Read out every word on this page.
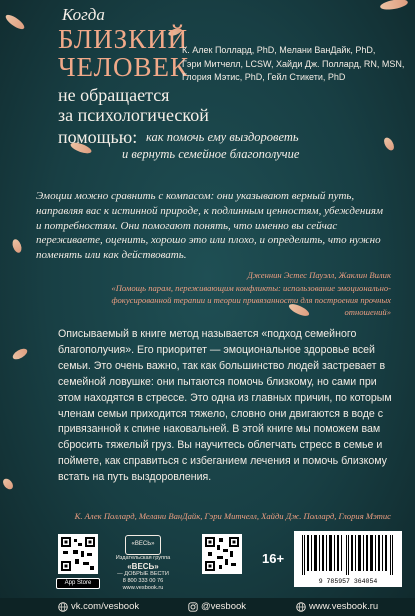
Когда
БЛИЗКИЙ
ЧЕЛОВЕК
не обращается
за психологической
помощью: как помочь ему выздороветь
и вернуть семейное благополучие
К. Алек Поллард, PhD, Мелани ВанДайк, PhD,
Гэри Митчелл, LCSW, Хайди Дж. Поллард, RN, MSN,
Глория Мэтис, PhD, Гейл Стикети, PhD
Эмоции можно сравнить с компасом: они указывают верный путь, направляя вас к истинной природе, к подлинным ценностям, убеждениям и потребностям. Они помогают понять, что именно вы сейчас переживаете, оценить, хорошо это или плохо, и определить, что нужно поменять или как действовать.
Дженнин Эстес Пауэлл, Жаклин Вилик
«Помощь парам, переживающим конфликты: использование эмоционально-фокусированной терапии и теории привязанности для построения прочных отношений»
Описываемый в книге метод называется «подход семейного благополучия». Его приоритет — эмоциональное здоровье всей семьи. Это очень важно, так как большинство людей застревает в семейной ловушке: они пытаются помочь близкому, но сами при этом находятся в стрессе. Это одна из главных причин, по которым членам семьи приходится тяжело, словно они двигаются в воде с привязанной к спине наковальней. В этой книге мы поможем вам сбросить тяжелый груз. Вы научитесь облегчать стресс в семье и поймете, как справиться с избеганием лечения и помочь близкому встать на путь выздоровления.
К. Алек Поллард, Мелани ВанДайк, Гэри Митчелл, Хайди Дж. Поллард, Глория Мэтис
App Store
«ВЕСЬ»
Издательская группа
«ВЕСЬ»
— ДОБРЫЕ ВЕСТИ
8 800 333 00 76
www.vesbook.ru
16+
9 785957 364054
vk.com/vesbook	@vesbook	www.vesbook.ru
